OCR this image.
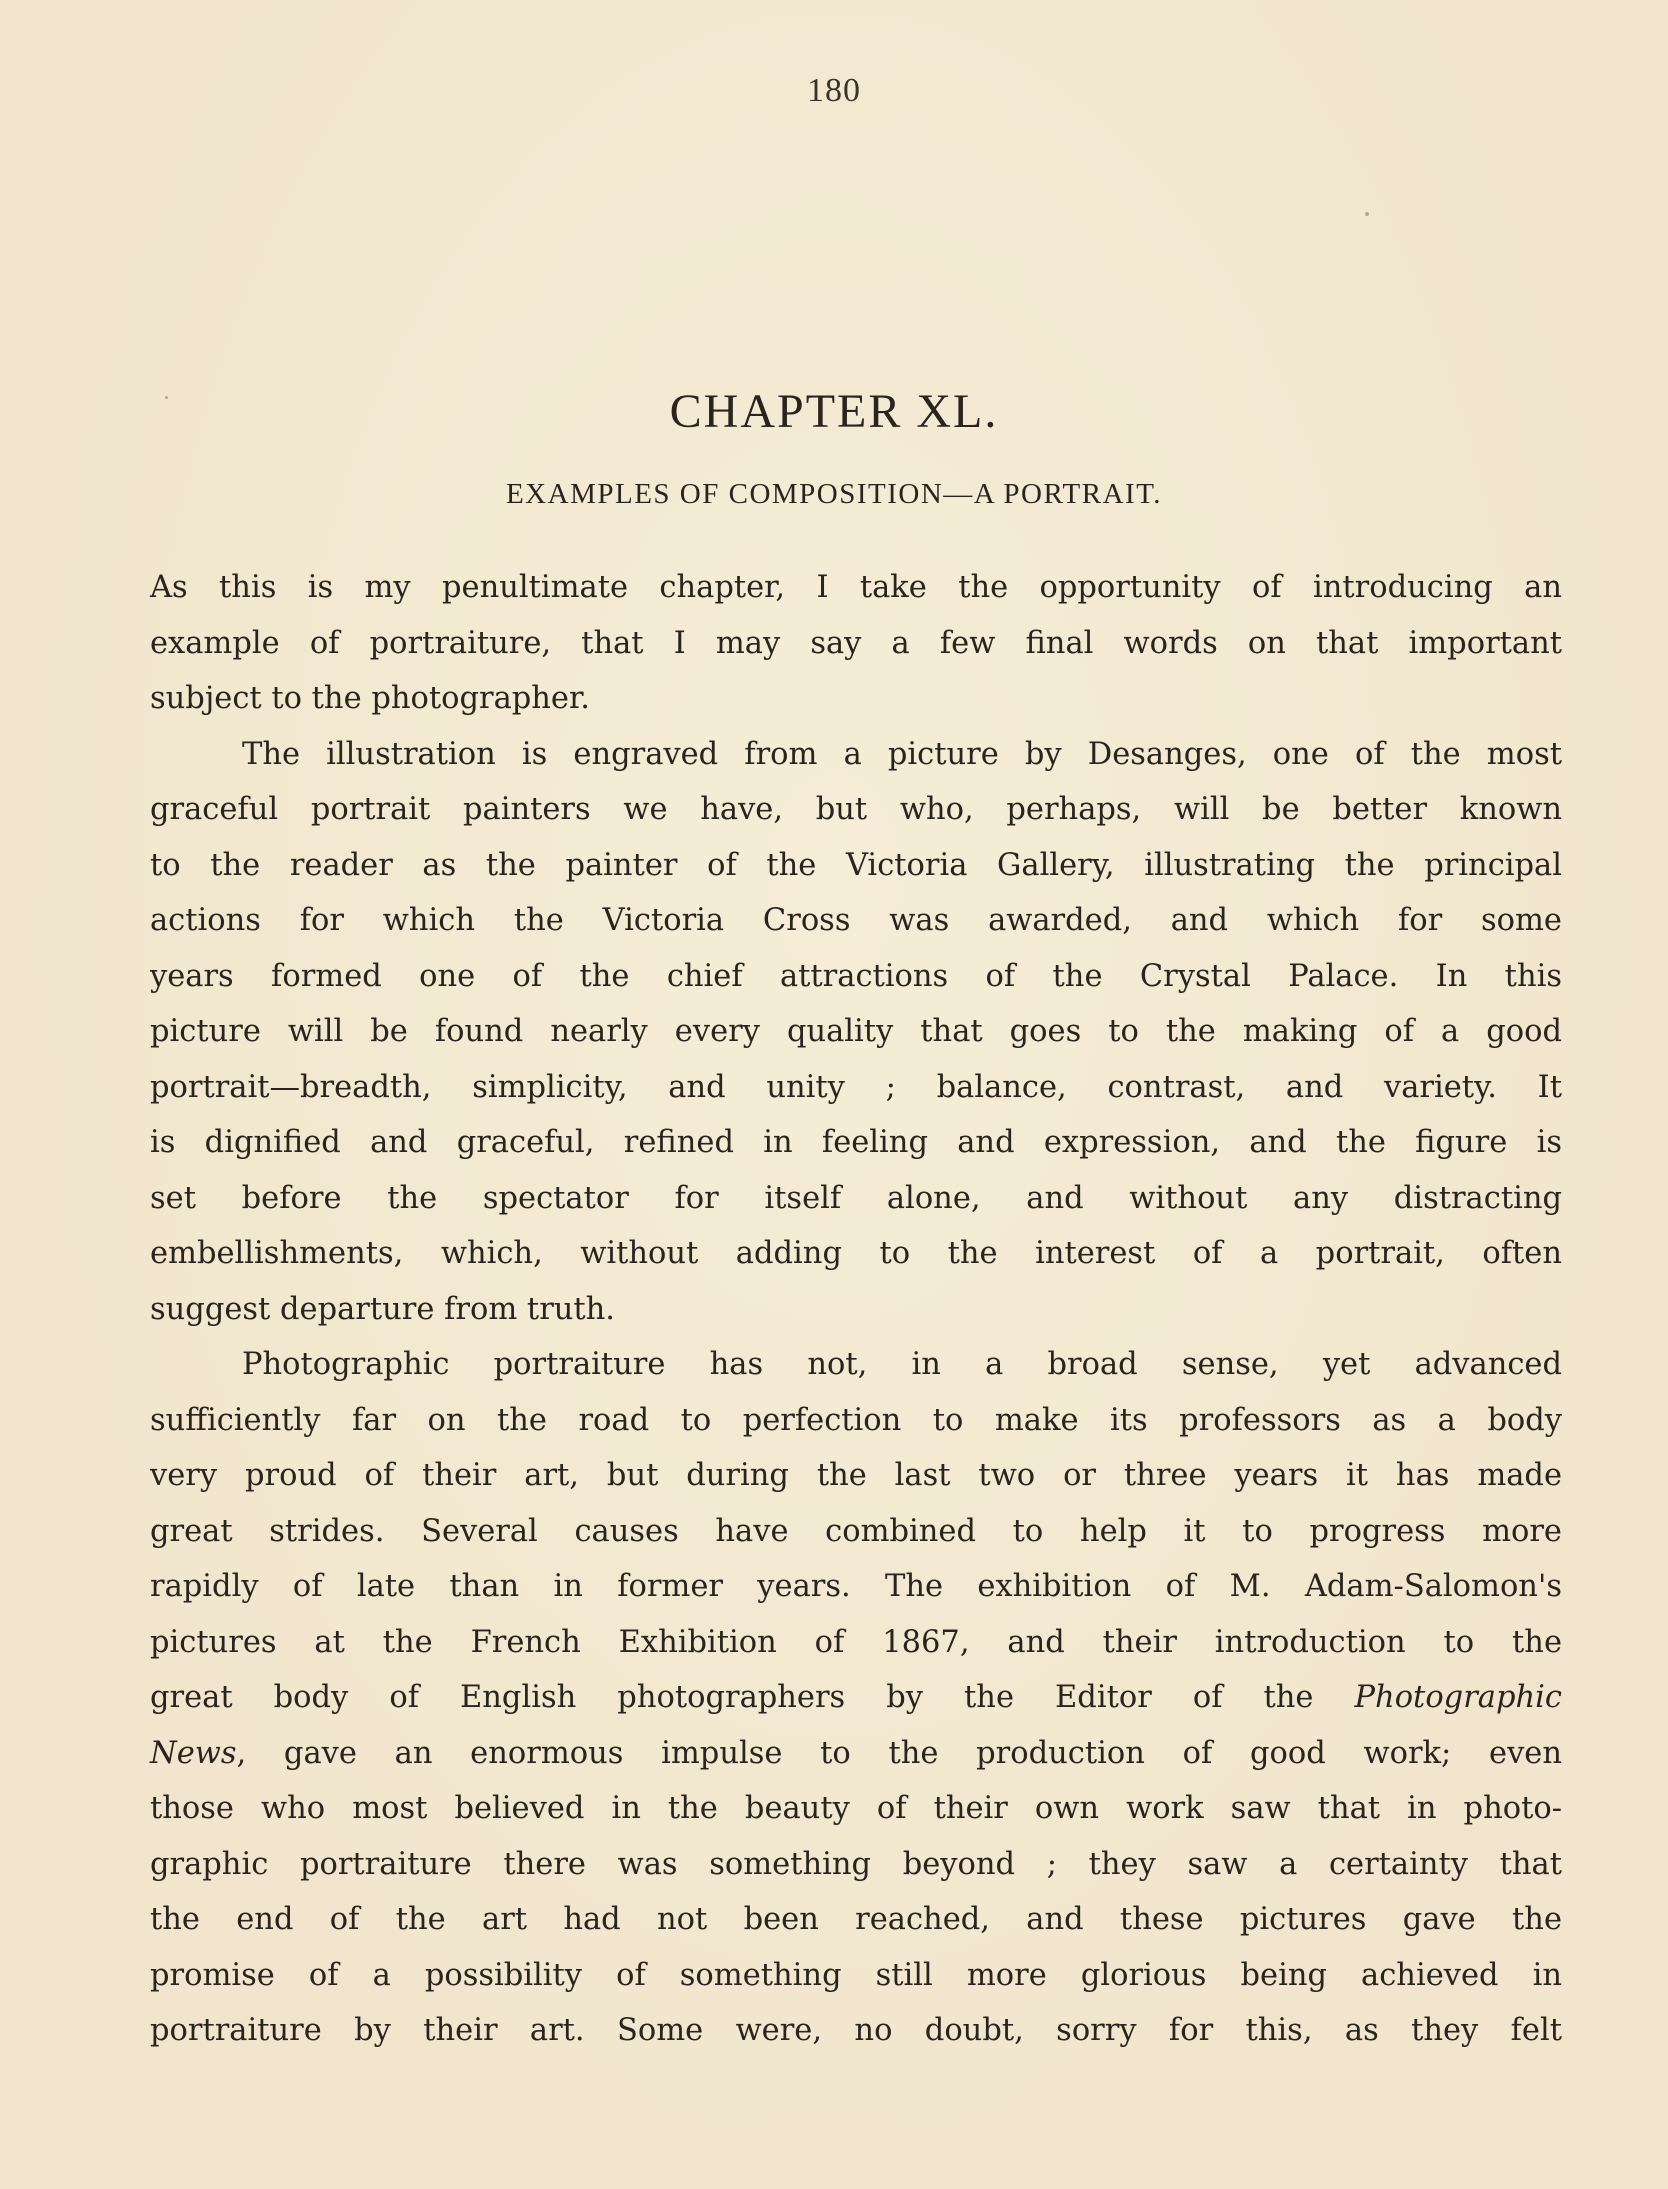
180
CHAPTER XL.
EXAMPLES OF COMPOSITION—A PORTRAIT.
As this is my penultimate chapter, I take the opportunity of introducing an
example of portraiture, that I may say a few final words on that important
subject to the photographer.
The illustration is engraved from a picture by Desanges, one of the most
graceful portrait painters we have, but who, perhaps, will be better known
to the reader as the painter of the Victoria Gallery, illustrating the principal
actions for which the Victoria Cross was awarded, and which for some
years formed one of the chief attractions of the Crystal Palace. In this
picture will be found nearly every quality that goes to the making of a good
portrait—breadth, simplicity, and unity ; balance, contrast, and variety. It
is dignified and graceful, refined in feeling and expression, and the figure is
set before the spectator for itself alone, and without any distracting
embellishments, which, without adding to the interest of a portrait, often
suggest departure from truth.
Photographic portraiture has not, in a broad sense, yet advanced
sufficiently far on the road to perfection to make its professors as a body
very proud of their art, but during the last two or three years it has made
great strides. Several causes have combined to help it to progress more
rapidly of late than in former years. The exhibition of M. Adam-Salomon's
pictures at the French Exhibition of 1867, and their introduction to the
great body of English photographers by the Editor of the Photographic
News, gave an enormous impulse to the production of good work; even
those who most believed in the beauty of their own work saw that in photo-
graphic portraiture there was something beyond ; they saw a certainty that
the end of the art had not been reached, and these pictures gave the
promise of a possibility of something still more glorious being achieved in
portraiture by their art. Some were, no doubt, sorry for this, as they felt
